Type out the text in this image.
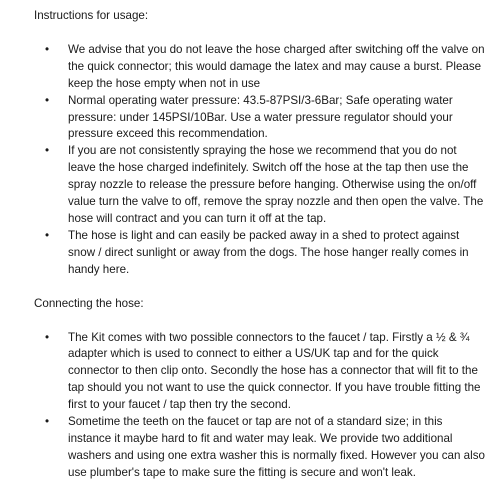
Instructions for usage:

• We advise that you do not leave the hose charged after switching off the valve on the quick connector; this would damage the latex and may cause a burst. Please keep the hose empty when not in use
• Normal operating water pressure: 43.5-87PSI/3-6Bar; Safe operating water pressure: under 145PSI/10Bar. Use a water pressure regulator should your pressure exceed this recommendation.
• If you are not consistently spraying the hose we recommend that you do not leave the hose charged indefinitely. Switch off the hose at the tap then use the spray nozzle to release the pressure before hanging. Otherwise using the on/off value turn the valve to off, remove the spray nozzle and then open the valve. The hose will contract and you can turn it off at the tap.
• The hose is light and can easily be packed away in a shed to protect against snow / direct sunlight or away from the dogs. The hose hanger really comes in handy here.

Connecting the hose:

• The Kit comes with two possible connectors to the faucet / tap. Firstly a ½ & ¾ adapter which is used to connect to either a US/UK tap and for the quick connector to then clip onto. Secondly the hose has a connector that will fit to the tap should you not want to use the quick connector. If you have trouble fitting the first to your faucet / tap then try the second.
• Sometime the teeth on the faucet or tap are not of a standard size; in this instance it maybe hard to fit and water may leak. We provide two additional washers and using one extra washer this is normally fixed. However you can also use plumber's tape to make sure the fitting is secure and won't leak.
